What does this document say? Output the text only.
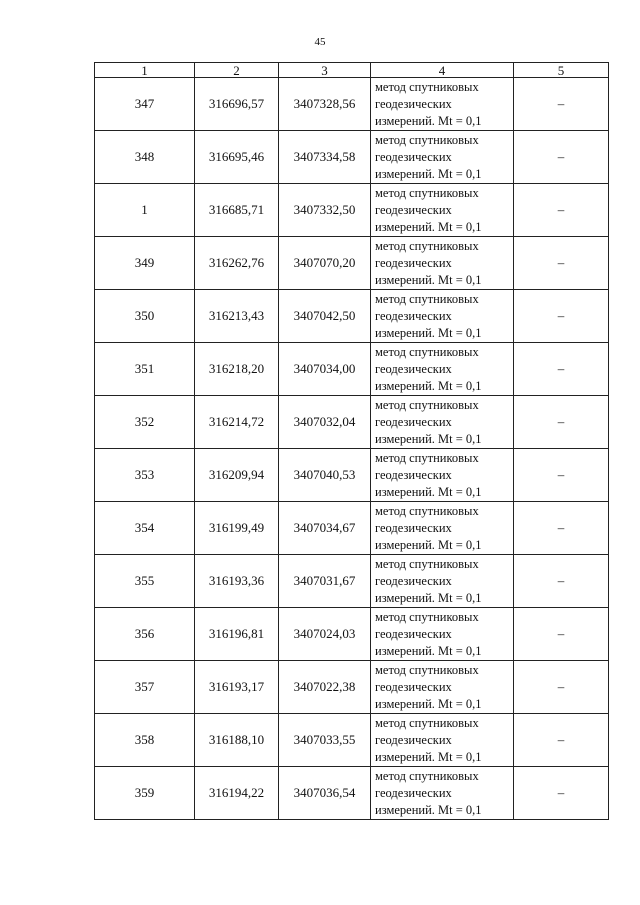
45
1	2	3	4	5
347	316696,57	3407328,56	метод спутниковых
геодезических
измерений. Mt = 0,1	–
348	316695,46	3407334,58	метод спутниковых
геодезических
измерений. Mt = 0,1	–
1	316685,71	3407332,50	метод спутниковых
геодезических
измерений. Mt = 0,1	–
349	316262,76	3407070,20	метод спутниковых
геодезических
измерений. Mt = 0,1	–
350	316213,43	3407042,50	метод спутниковых
геодезических
измерений. Mt = 0,1	–
351	316218,20	3407034,00	метод спутниковых
геодезических
измерений. Mt = 0,1	–
352	316214,72	3407032,04	метод спутниковых
геодезических
измерений. Mt = 0,1	–
353	316209,94	3407040,53	метод спутниковых
геодезических
измерений. Mt = 0,1	–
354	316199,49	3407034,67	метод спутниковых
геодезических
измерений. Mt = 0,1	–
355	316193,36	3407031,67	метод спутниковых
геодезических
измерений. Mt = 0,1	–
356	316196,81	3407024,03	метод спутниковых
геодезических
измерений. Mt = 0,1	–
357	316193,17	3407022,38	метод спутниковых
геодезических
измерений. Mt = 0,1	–
358	316188,10	3407033,55	метод спутниковых
геодезических
измерений. Mt = 0,1	–
359	316194,22	3407036,54	метод спутниковых
геодезических
измерений. Mt = 0,1	–
